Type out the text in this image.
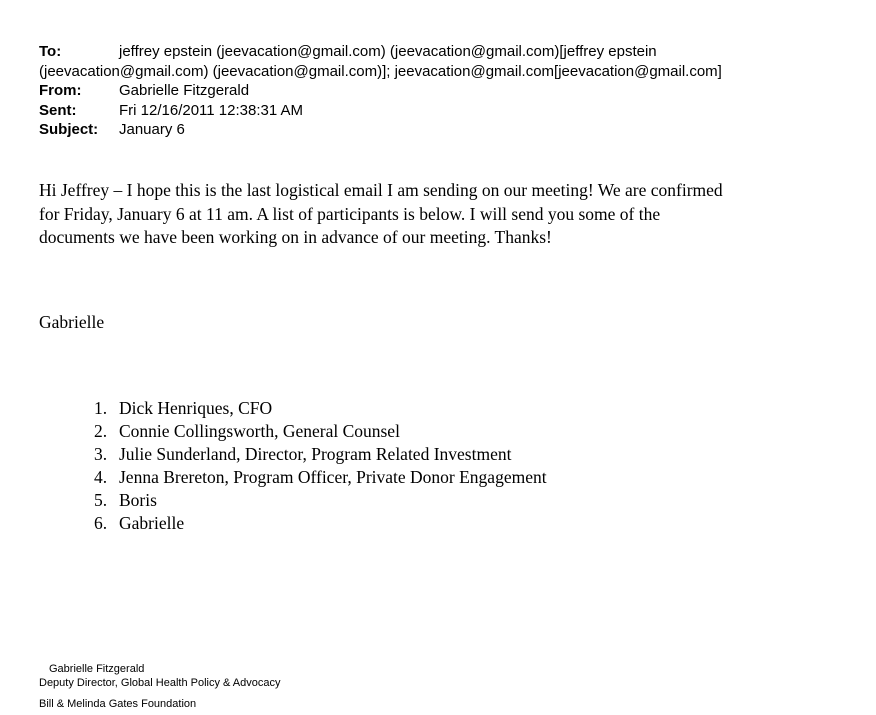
To:	jeffrey epstein (jeevacation@gmail.com) (jeevacation@gmail.com)[jeffrey epstein
(jeevacation@gmail.com) (jeevacation@gmail.com)]; jeevacation@gmail.com[jeevacation@gmail.com]
From:	Gabrielle Fitzgerald
Sent:	Fri 12/16/2011 12:38:31 AM
Subject: January 6

Hi Jeffrey – I hope this is the last logistical email I am sending on our meeting! We are confirmed

for Friday, January 6 at 11 am. A list of participants is below. I will send you some of the

documents we have been working on in advance of our meeting. Thanks!

Gabrielle
1. Dick Henriques, CFO
2. Connie Collingsworth, General Counsel
3. Julie Sunderland, Director, Program Related Investment
4. Jenna Brereton, Program Officer, Private Donor Engagement
5. Boris
6. Gabrielle
Gabrielle Fitzgerald
Deputy Director, Global Health Policy & Advocacy
Bill & Melinda Gates Foundation
